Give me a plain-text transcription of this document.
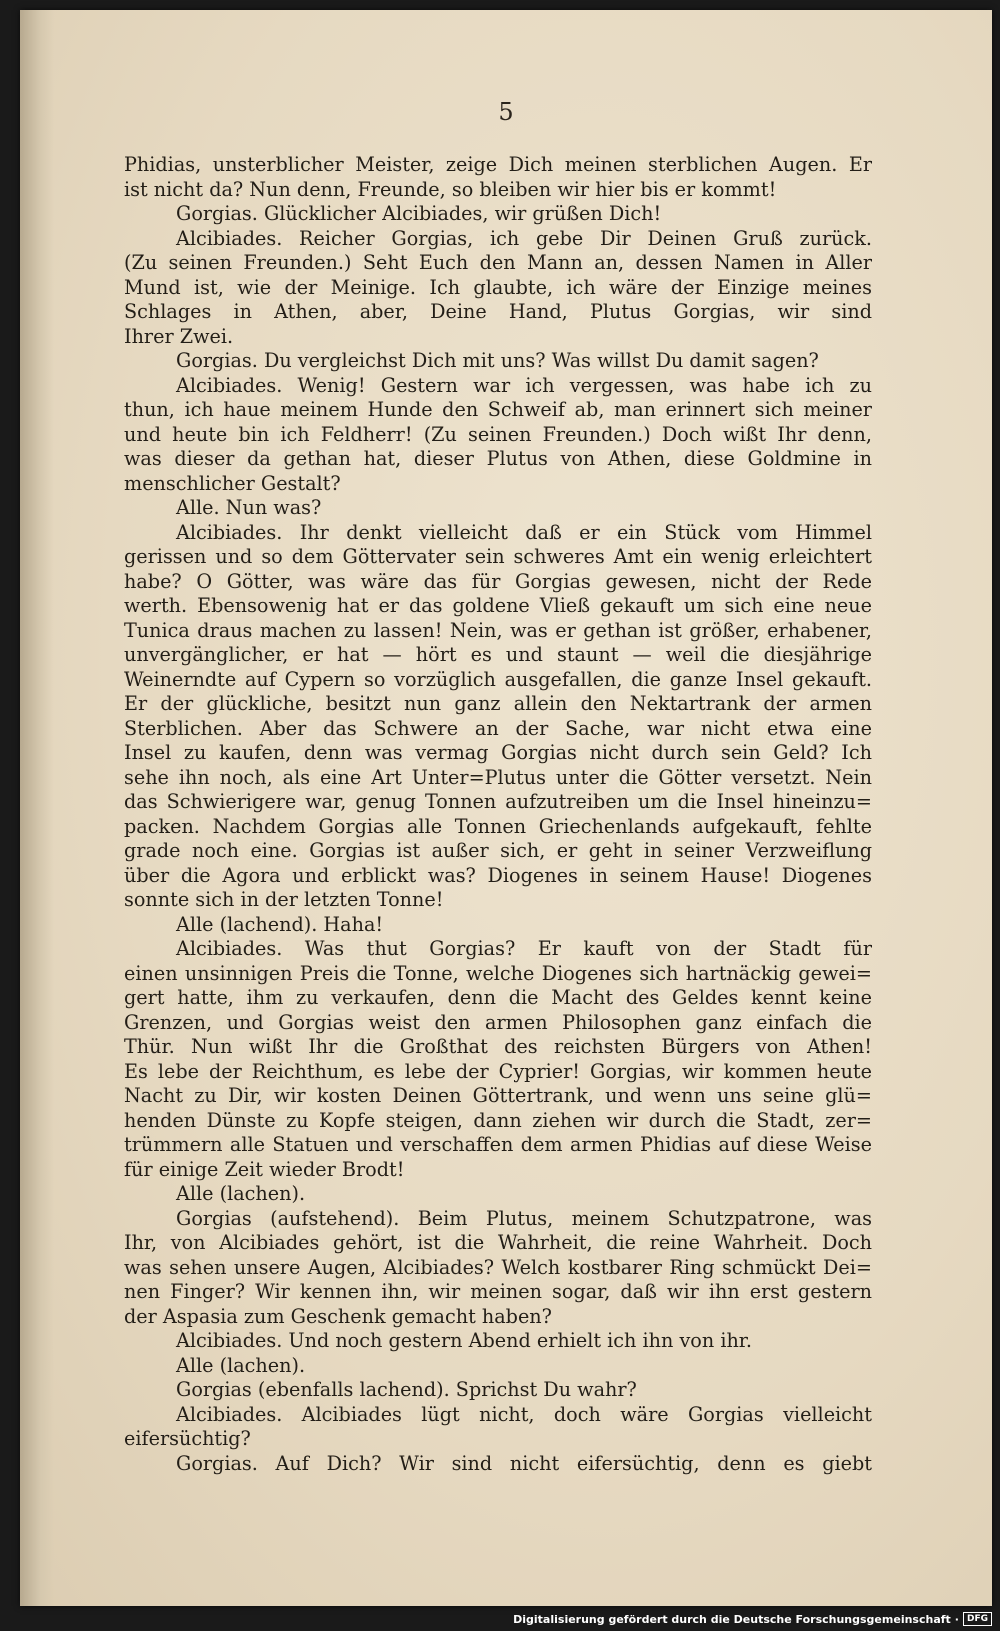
5
Phidias, unsterblicher Meister, zeige Dich meinen sterblichen Augen. Er
ist nicht da? Nun denn, Freunde, so bleiben wir hier bis er kommt!
Gorgias. Glücklicher Alcibiades, wir grüßen Dich!
Alcibiades. Reicher Gorgias, ich gebe Dir Deinen Gruß zurück.
(Zu seinen Freunden.) Seht Euch den Mann an, dessen Namen in Aller
Mund ist, wie der Meinige. Ich glaubte, ich wäre der Einzige meines
Schlages in Athen, aber, Deine Hand, Plutus Gorgias, wir sind
Ihrer Zwei.
Gorgias. Du vergleichst Dich mit uns? Was willst Du damit sagen?
Alcibiades. Wenig! Gestern war ich vergessen, was habe ich zu
thun, ich haue meinem Hunde den Schweif ab, man erinnert sich meiner
und heute bin ich Feldherr! (Zu seinen Freunden.) Doch wißt Ihr denn,
was dieser da gethan hat, dieser Plutus von Athen, diese Goldmine in
menschlicher Gestalt?
Alle. Nun was?
Alcibiades. Ihr denkt vielleicht daß er ein Stück vom Himmel
gerissen und so dem Göttervater sein schweres Amt ein wenig erleichtert
habe? O Götter, was wäre das für Gorgias gewesen, nicht der Rede
werth. Ebensowenig hat er das goldene Vließ gekauft um sich eine neue
Tunica draus machen zu lassen! Nein, was er gethan ist größer, erhabener,
unvergänglicher, er hat — hört es und staunt — weil die diesjährige
Weinerndte auf Cypern so vorzüglich ausgefallen, die ganze Insel gekauft.
Er der glückliche, besitzt nun ganz allein den Nektartrank der armen
Sterblichen. Aber das Schwere an der Sache, war nicht etwa eine
Insel zu kaufen, denn was vermag Gorgias nicht durch sein Geld? Ich
sehe ihn noch, als eine Art Unter=Plutus unter die Götter versetzt. Nein
das Schwierigere war, genug Tonnen aufzutreiben um die Insel hineinzu=
packen. Nachdem Gorgias alle Tonnen Griechenlands aufgekauft, fehlte
grade noch eine. Gorgias ist außer sich, er geht in seiner Verzweiflung
über die Agora und erblickt was? Diogenes in seinem Hause! Diogenes
sonnte sich in der letzten Tonne!
Alle (lachend). Haha!
Alcibiades. Was thut Gorgias? Er kauft von der Stadt für
einen unsinnigen Preis die Tonne, welche Diogenes sich hartnäckig gewei=
gert hatte, ihm zu verkaufen, denn die Macht des Geldes kennt keine
Grenzen, und Gorgias weist den armen Philosophen ganz einfach die
Thür. Nun wißt Ihr die Großthat des reichsten Bürgers von Athen!
Es lebe der Reichthum, es lebe der Cyprier! Gorgias, wir kommen heute
Nacht zu Dir, wir kosten Deinen Göttertrank, und wenn uns seine glü=
henden Dünste zu Kopfe steigen, dann ziehen wir durch die Stadt, zer=
trümmern alle Statuen und verschaffen dem armen Phidias auf diese Weise
für einige Zeit wieder Brodt!
Alle (lachen).
Gorgias (aufstehend). Beim Plutus, meinem Schutzpatrone, was
Ihr, von Alcibiades gehört, ist die Wahrheit, die reine Wahrheit. Doch
was sehen unsere Augen, Alcibiades? Welch kostbarer Ring schmückt Dei=
nen Finger? Wir kennen ihn, wir meinen sogar, daß wir ihn erst gestern
der Aspasia zum Geschenk gemacht haben?
Alcibiades. Und noch gestern Abend erhielt ich ihn von ihr.
Alle (lachen).
Gorgias (ebenfalls lachend). Sprichst Du wahr?
Alcibiades. Alcibiades lügt nicht, doch wäre Gorgias vielleicht
eifersüchtig?
Gorgias. Auf Dich? Wir sind nicht eifersüchtig, denn es giebt
Digitalisierung gefördert durch die Deutsche Forschungsgemeinschaft · DFG
